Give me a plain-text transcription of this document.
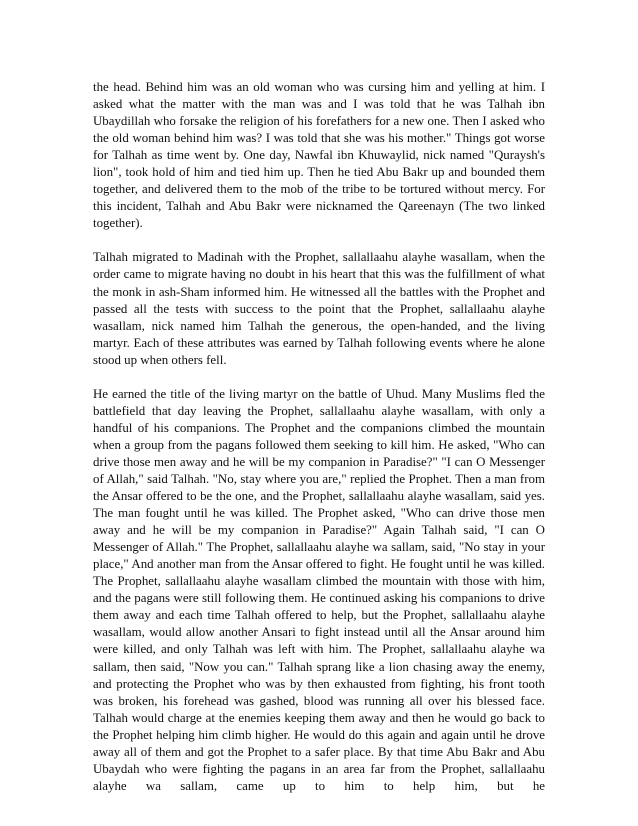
the head. Behind him was an old woman who was cursing him and yelling at him. I asked what the matter with the man was and I was told that he was Talhah ibn Ubaydillah who forsake the religion of his forefathers for a new one. Then I asked who the old woman behind him was? I was told that she was his mother." Things got worse for Talhah as time went by. One day, Nawfal ibn Khuwaylid, nick named "Quraysh's lion", took hold of him and tied him up. Then he tied Abu Bakr up and bounded them together, and delivered them to the mob of the tribe to be tortured without mercy. For this incident, Talhah and Abu Bakr were nicknamed the Qareenayn (The two linked together).

Talhah migrated to Madinah with the Prophet, sallallaahu alayhe wasallam, when the order came to migrate having no doubt in his heart that this was the fulfillment of what the monk in ash-Sham informed him. He witnessed all the battles with the Prophet and passed all the tests with success to the point that the Prophet, sallallaahu alayhe wasallam, nick named him Talhah the generous, the open-handed, and the living martyr. Each of these attributes was earned by Talhah following events where he alone stood up when others fell.

He earned the title of the living martyr on the battle of Uhud. Many Muslims fled the battlefield that day leaving the Prophet, sallallaahu alayhe wasallam, with only a handful of his companions. The Prophet and the companions climbed the mountain when a group from the pagans followed them seeking to kill him. He asked, "Who can drive those men away and he will be my companion in Paradise?" "I can O Messenger of Allah," said Talhah. "No, stay where you are," replied the Prophet. Then a man from the Ansar offered to be the one, and the Prophet, sallallaahu alayhe wasallam, said yes. The man fought until he was killed. The Prophet asked, "Who can drive those men away and he will be my companion in Paradise?" Again Talhah said, "I can O Messenger of Allah." The Prophet, sallallaahu alayhe wa sallam, said, "No stay in your place," And another man from the Ansar offered to fight. He fought until he was killed. The Prophet, sallallaahu alayhe wasallam climbed the mountain with those with him, and the pagans were still following them. He continued asking his companions to drive them away and each time Talhah offered to help, but the Prophet, sallallaahu alayhe wasallam, would allow another Ansari to fight instead until all the Ansar around him were killed, and only Talhah was left with him. The Prophet, sallallaahu alayhe wa sallam, then said, "Now you can." Talhah sprang like a lion chasing away the enemy, and protecting the Prophet who was by then exhausted from fighting, his front tooth was broken, his forehead was gashed, blood was running all over his blessed face. Talhah would charge at the enemies keeping them away and then he would go back to the Prophet helping him climb higher. He would do this again and again until he drove away all of them and got the Prophet to a safer place. By that time Abu Bakr and Abu Ubaydah who were fighting the pagans in an area far from the Prophet, sallallaahu alayhe wa sallam, came up to him to help him, but he
